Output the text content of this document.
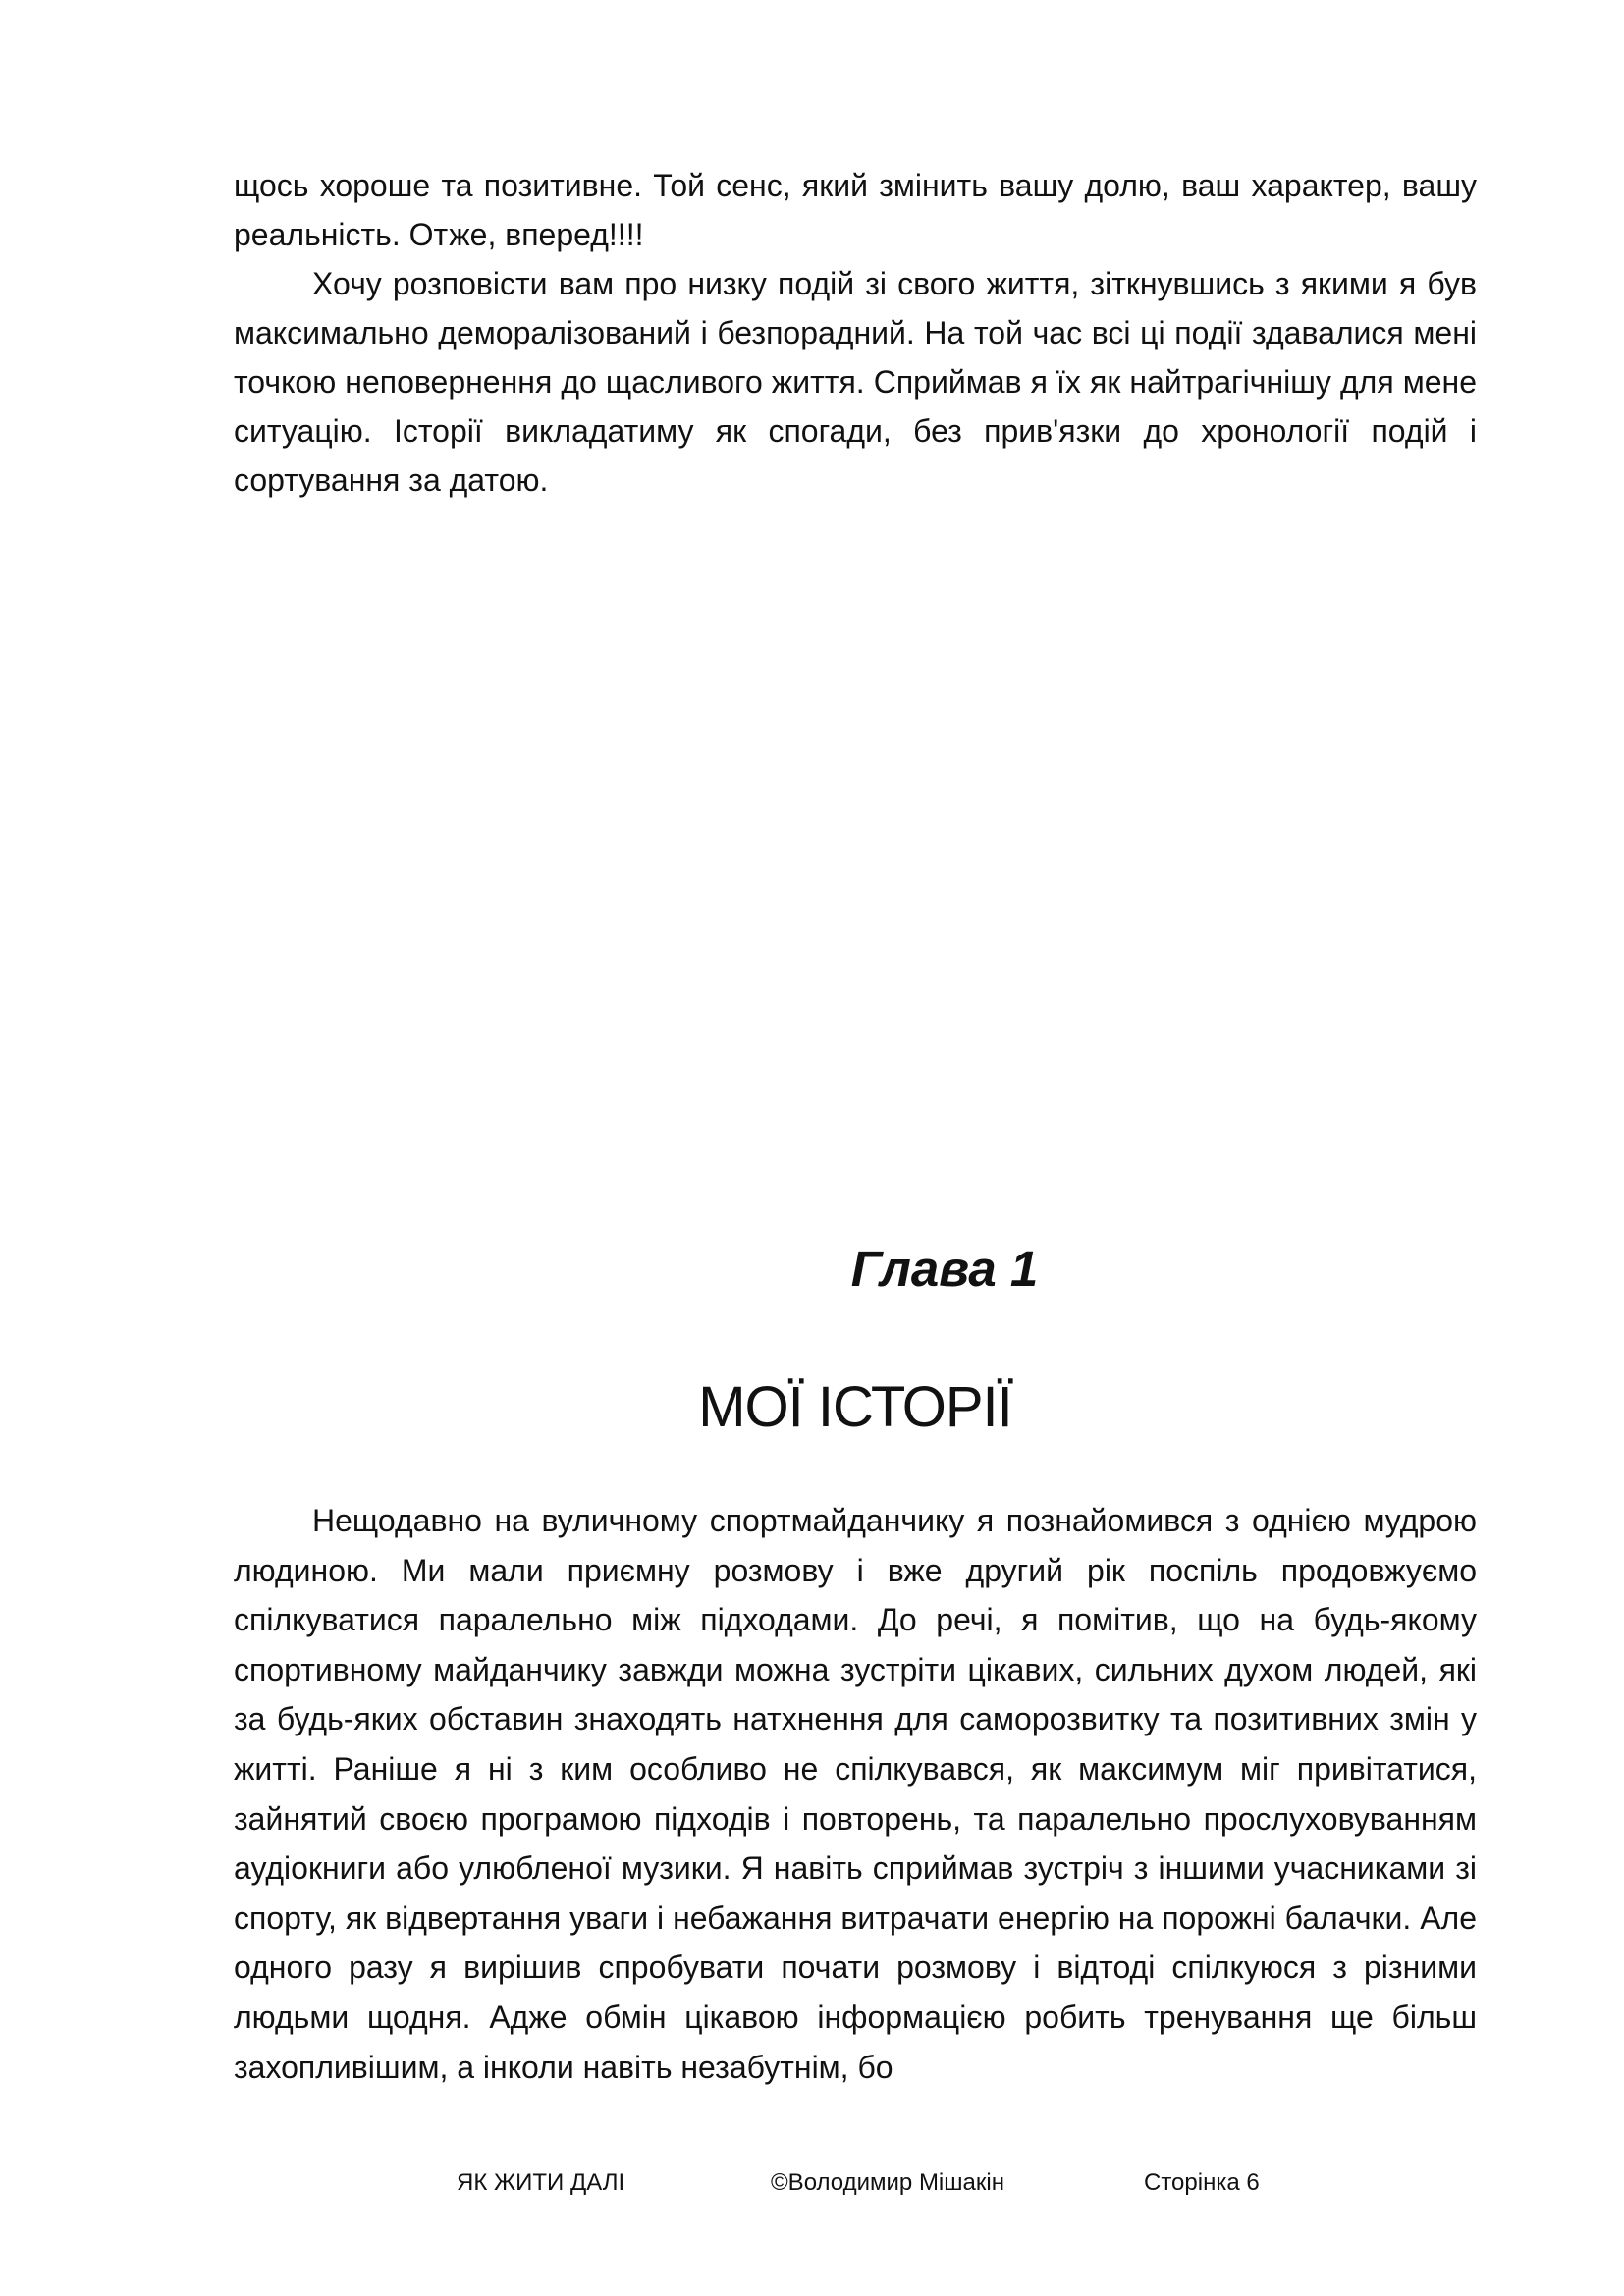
щось хороше та позитивне. Той сенс, який змінить вашу долю, ваш характер, вашу реальність. Отже, вперед!!!!

Хочу розповісти вам про низку подій зі свого життя, зіткнувшись з якими я був максимально деморалізований і безпорадний. На той час всі ці події здавалися мені точкою неповернення до щасливого життя. Сприймав я їх як найтрагічнішу для мене ситуацію. Історії викладатиму як спогади, без прив'язки до хронології подій і сортування за датою.

Глава 1
МОЇ ІСТОРІЇ

Нещодавно на вуличному спортмайданчику я познайомився з однією мудрою людиною. Ми мали приємну розмову і вже другий рік поспіль продовжуємо спілкуватися паралельно між підходами. До речі, я помітив, що на будь-якому спортивному майданчику завжди можна зустріти цікавих, сильних духом людей, які за будь-яких обставин знаходять натхнення для саморозвитку та позитивних змін у житті. Раніше я ні з ким особливо не спілкувався, як максимум міг привітатися, зайнятий своєю програмою підходів і повторень, та паралельно прослуховуванням аудіокниги або улюбленої музики. Я навіть сприймав зустріч з іншими учасниками зі спорту, як відвертання уваги і небажання витрачати енергію на порожні балачки. Але одного разу я вирішив спробувати почати розмову і відтоді спілкуюся з різними людьми щодня. Адже обмін цікавою інформацією робить тренування ще більш захопливішим, а інколи навіть незабутнім, бо

ЯК ЖИТИ ДАЛІ	©Володимир Мішакін	Сторінка 6
